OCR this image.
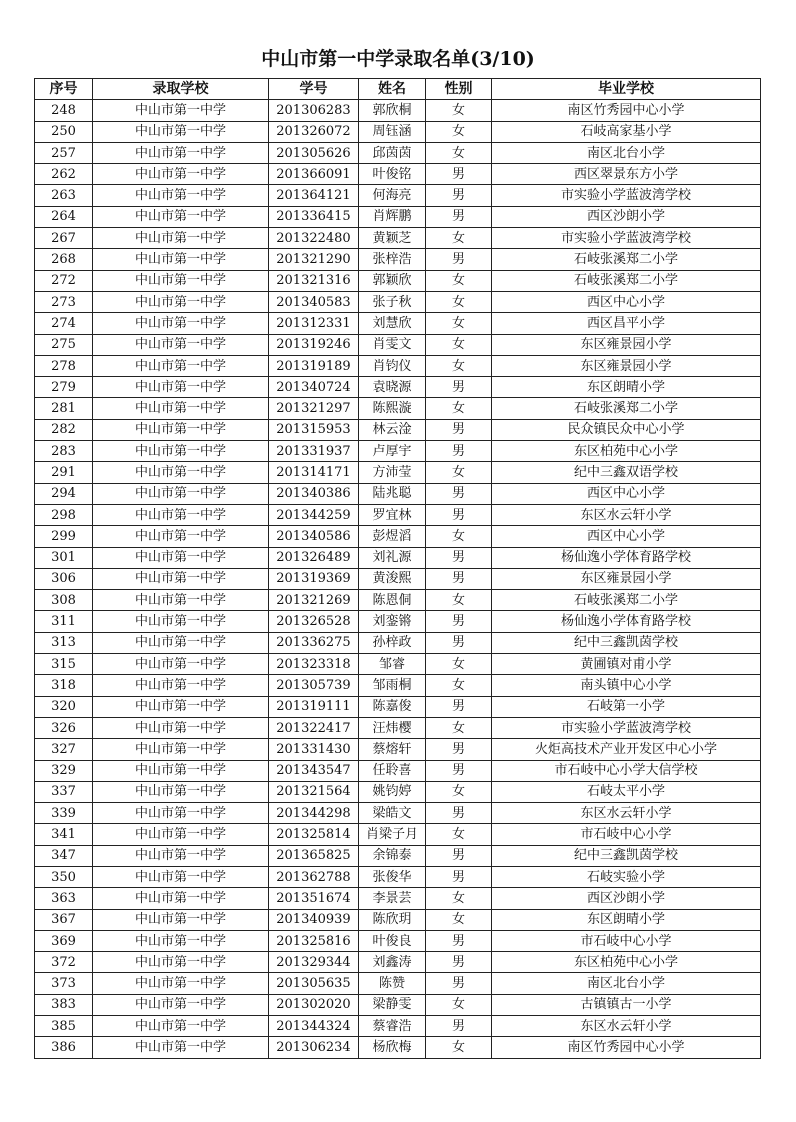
中山市第一中学录取名单(3/10)
序号	录取学校	学号	姓名	性别	毕业学校
248	中山市第一中学	201306283	郭欣桐	女	南区竹秀园中心小学
250	中山市第一中学	201326072	周钰涵	女	石岐高家基小学
257	中山市第一中学	201305626	邱茵茵	女	南区北台小学
262	中山市第一中学	201366091	叶俊铭	男	西区翠景东方小学
263	中山市第一中学	201364121	何海亮	男	市实验小学蓝波湾学校
264	中山市第一中学	201336415	肖辉鹏	男	西区沙朗小学
267	中山市第一中学	201322480	黄颖芝	女	市实验小学蓝波湾学校
268	中山市第一中学	201321290	张梓浩	男	石岐张溪郑二小学
272	中山市第一中学	201321316	郭颖欣	女	石岐张溪郑二小学
273	中山市第一中学	201340583	张子秋	女	西区中心小学
274	中山市第一中学	201312331	刘慧欣	女	西区昌平小学
275	中山市第一中学	201319246	肖雯文	女	东区雍景园小学
278	中山市第一中学	201319189	肖钧仪	女	东区雍景园小学
279	中山市第一中学	201340724	袁晓源	男	东区朗晴小学
281	中山市第一中学	201321297	陈熙漩	女	石岐张溪郑二小学
282	中山市第一中学	201315953	林云淦	男	民众镇民众中心小学
283	中山市第一中学	201331937	卢厚宇	男	东区柏苑中心小学
291	中山市第一中学	201314171	方沛莹	女	纪中三鑫双语学校
294	中山市第一中学	201340386	陆兆聪	男	西区中心小学
298	中山市第一中学	201344259	罗宜林	男	东区水云轩小学
299	中山市第一中学	201340586	彭煜滔	女	西区中心小学
301	中山市第一中学	201326489	刘礼源	男	杨仙逸小学体育路学校
306	中山市第一中学	201319369	黄浚熙	男	东区雍景园小学
308	中山市第一中学	201321269	陈恩侗	女	石岐张溪郑二小学
311	中山市第一中学	201326528	刘銮锵	男	杨仙逸小学体育路学校
313	中山市第一中学	201336275	孙梓政	男	纪中三鑫凯茵学校
315	中山市第一中学	201323318	邹睿	女	黄圃镇对甫小学
318	中山市第一中学	201305739	邹雨桐	女	南头镇中心小学
320	中山市第一中学	201319111	陈嘉俊	男	石岐第一小学
326	中山市第一中学	201322417	汪炜樱	女	市实验小学蓝波湾学校
327	中山市第一中学	201331430	蔡熔轩	男	火炬高技术产业开发区中心小学
329	中山市第一中学	201343547	任聆喜	男	市石岐中心小学大信学校
337	中山市第一中学	201321564	姚钧婷	女	石岐太平小学
339	中山市第一中学	201344298	梁皓文	男	东区水云轩小学
341	中山市第一中学	201325814	肖梁子月	女	市石岐中心小学
347	中山市第一中学	201365825	余锦泰	男	纪中三鑫凯茵学校
350	中山市第一中学	201362788	张俊华	男	石岐实验小学
363	中山市第一中学	201351674	李景芸	女	西区沙朗小学
367	中山市第一中学	201340939	陈欣玥	女	东区朗晴小学
369	中山市第一中学	201325816	叶俊良	男	市石岐中心小学
372	中山市第一中学	201329344	刘鑫涛	男	东区柏苑中心小学
373	中山市第一中学	201305635	陈赞	男	南区北台小学
383	中山市第一中学	201302020	梁静雯	女	古镇镇古一小学
385	中山市第一中学	201344324	蔡睿浩	男	东区水云轩小学
386	中山市第一中学	201306234	杨欣梅	女	南区竹秀园中心小学
